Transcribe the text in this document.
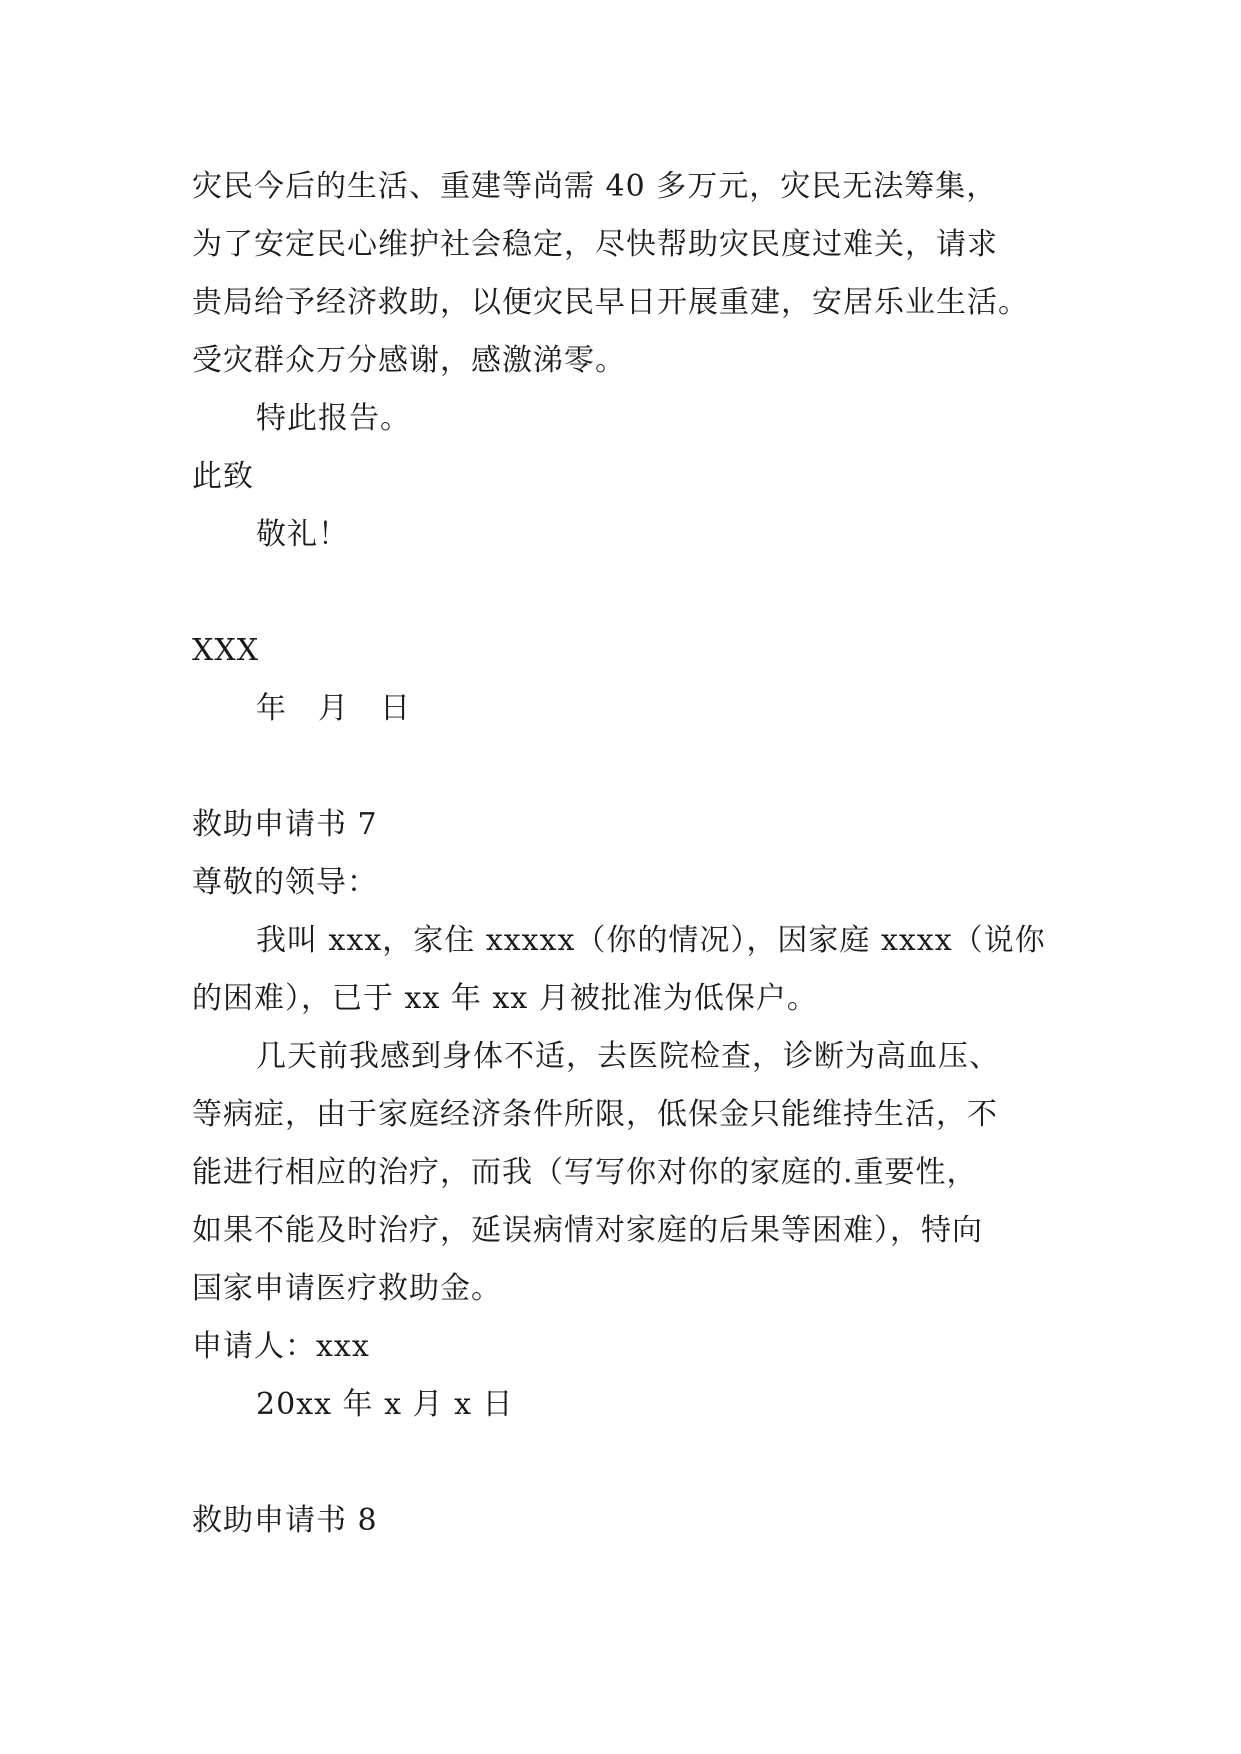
灾民今后的生活、重建等尚需 40 多万元，灾民无法筹集，
为了安定民心维护社会稳定，尽快帮助灾民度过难关，请求
贵局给予经济救助，以便灾民早日开展重建，安居乐业生活。
受灾群众万分感谢，感激涕零。
特此报告。
此致
敬礼！
XXX
年　月　日
救助申请书 7
尊敬的领导：
我叫 xxx，家住 xxxxx（你的情况），因家庭 xxxx（说你
的困难），已于 xx 年 xx 月被批准为低保户。
几天前我感到身体不适，去医院检查，诊断为高血压、
等病症，由于家庭经济条件所限，低保金只能维持生活，不
能进行相应的治疗，而我（写写你对你的家庭的.重要性，
如果不能及时治疗，延误病情对家庭的后果等困难），特向
国家申请医疗救助金。
申请人：xxx
20xx 年 x 月 x 日
救助申请书 8
